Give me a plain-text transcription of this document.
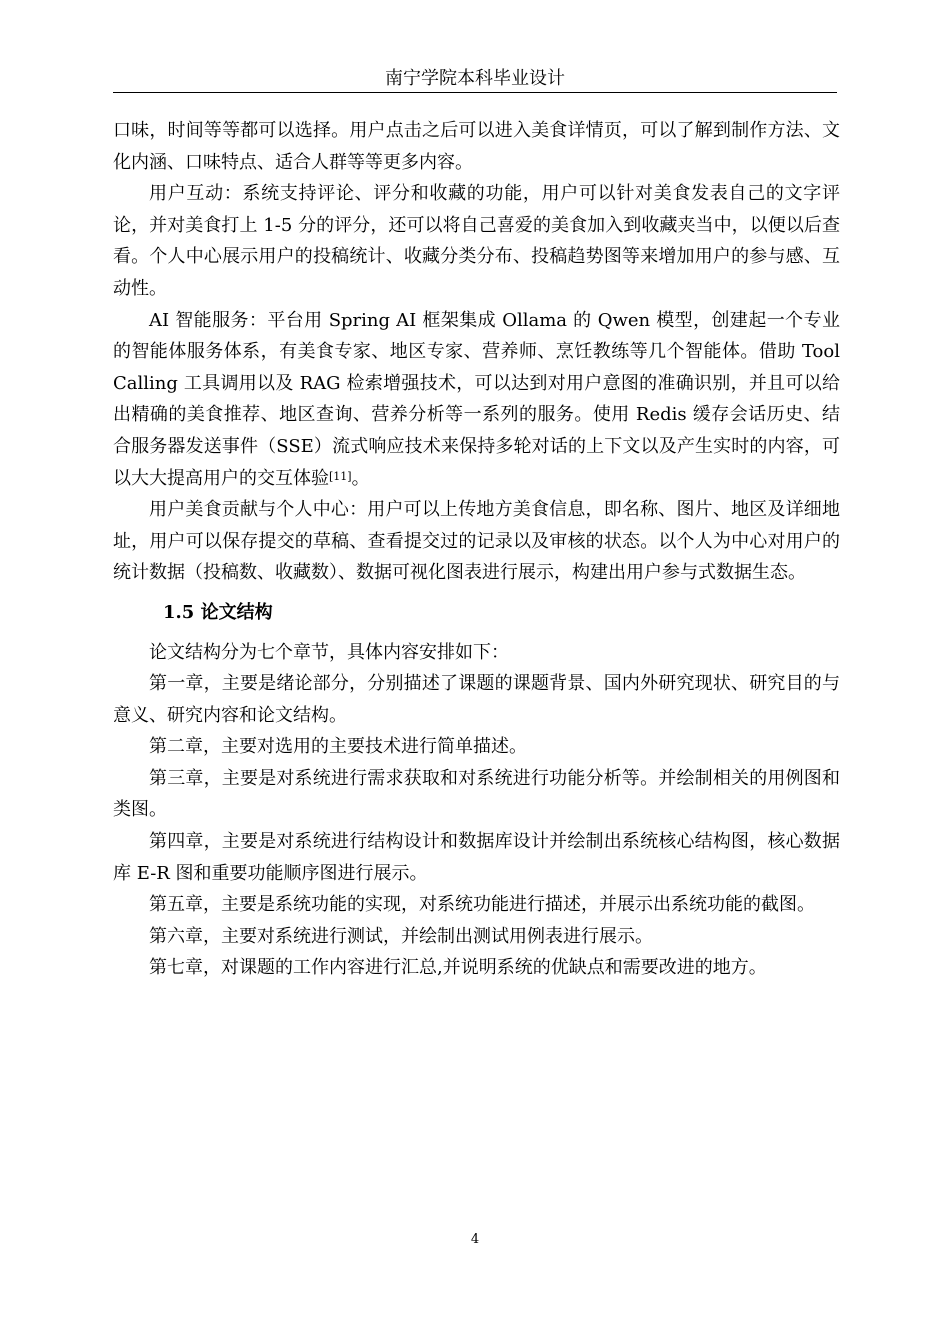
南宁学院本科毕业设计

口味，时间等等都可以选择。用户点击之后可以进入美食详情页，可以了解到制作方法、文化内涵、口味特点、适合人群等等更多内容。

用户互动：系统支持评论、评分和收藏的功能，用户可以针对美食发表自己的文字评论，并对美食打上 1-5 分的评分，还可以将自己喜爱的美食加入到收藏夹当中，以便以后查看。个人中心展示用户的投稿统计、收藏分类分布、投稿趋势图等来增加用户的参与感、互动性。

AI 智能服务：平台用 Spring AI 框架集成 Ollama 的 Qwen 模型，创建起一个专业的智能体服务体系，有美食专家、地区专家、营养师、烹饪教练等几个智能体。借助 Tool Calling 工具调用以及 RAG 检索增强技术，可以达到对用户意图的准确识别，并且可以给出精确的美食推荐、地区查询、营养分析等一系列的服务。使用 Redis 缓存会话历史、结合服务器发送事件（SSE）流式响应技术来保持多轮对话的上下文以及产生实时的内容，可以大大提高用户的交互体验[11]。

用户美食贡献与个人中心：用户可以上传地方美食信息，即名称、图片、地区及详细地址，用户可以保存提交的草稿、查看提交过的记录以及审核的状态。以个人为中心对用户的统计数据（投稿数、收藏数）、数据可视化图表进行展示，构建出用户参与式数据生态。

1.5 论文结构

论文结构分为七个章节，具体内容安排如下：

第一章，主要是绪论部分，分别描述了课题的课题背景、国内外研究现状、研究目的与意义、研究内容和论文结构。

第二章，主要对选用的主要技术进行简单描述。

第三章，主要是对系统进行需求获取和对系统进行功能分析等。并绘制相关的用例图和类图。

第四章，主要是对系统进行结构设计和数据库设计并绘制出系统核心结构图，核心数据库 E-R 图和重要功能顺序图进行展示。

第五章，主要是系统功能的实现，对系统功能进行描述，并展示出系统功能的截图。

第六章，主要对系统进行测试，并绘制出测试用例表进行展示。

第七章，对课题的工作内容进行汇总,并说明系统的优缺点和需要改进的地方。

4
